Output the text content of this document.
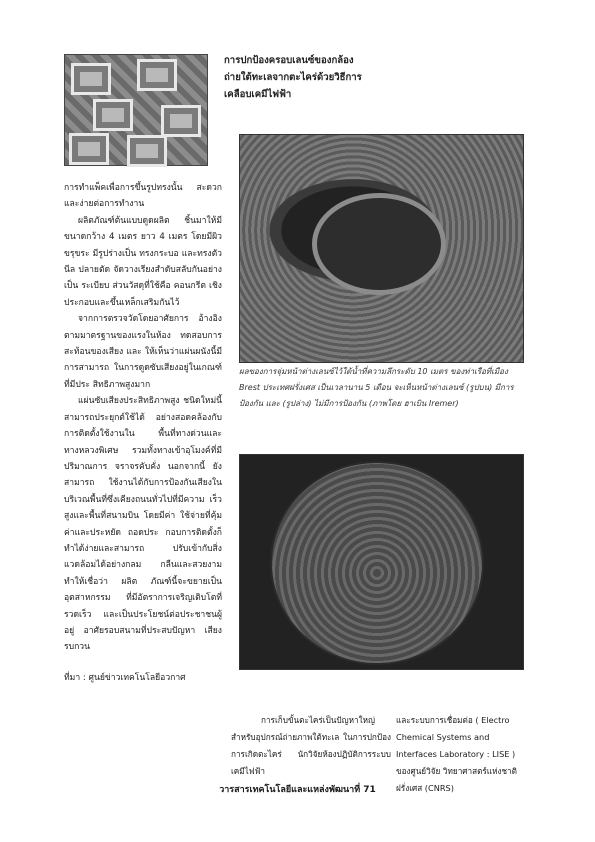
การปกป้องครอบเลนซ์ของกล้อง
ถ่ายใต้ทะเลจากตะไคร่ด้วยวิธีการ
เคลือบเคมีไฟฟ้า

การทำแพ็คเพื่อการขึ้นรูปทรงนั้น สะดวก และง่ายต่อการทำงาน

ผลิตภัณฑ์ต้นแบบดูดผลิต ชิ้นมาให้มีขนาดกว้าง 4 เมตร ยาว 4 เมตร โดยมีผิวขรุขระ มีรูปร่างเป็น ทรงกระบอ และทรงตัวนีล ปลายตัด จัดวางเรียงสำดับสลับกันอย่างเป็น ระเบียบ ส่วนวัสดุที่ใช้คือ คอนกรีต เชิงประกอบและขึ้นเหล็กเสริมกันไว้

จากการตรวจวัดโดยอาศัยการ อ้างอิงตามมาตรฐานของแรงในห้อง ทดสอบการสะท้อนของเสียง และ ให้เห็นว่าแผ่นผนังนี้มีการสามารถ ในการดูดซับเสียงอยู่ในเกณฑ์ที่มีประ สิทธิภาพสูงมาก

แผ่นซับเสียงประสิทธิภาพสูง ชนิดใหม่นี้ สามารถประยุกต์ใช้ได้ อย่างสอดคล้องกับการติดตั้งใช้งานใน พื้นที่ทางด่วนและทางหลวงพิเศษ รวมทั้งทางเข้าอุโมงค์ที่มีปริมาณการ จราจรคับคั่ง นอกจากนี้ ยังสามารถ ใช้งานได้กับการป้องกันเสียงใน บริเวณพื้นที่ซึ่งเคียงถนนทั่วไปที่มีความ เร็วสูงและพื้นที่สนามบิน โดยมีค่า ใช้จ่ายที่คุ้มค่าและประหยัด ถอดประ กอบการติดตั้งก็ทำได้ง่ายและสามารถ ปรับเข้ากับสิ่งแวดล้อมได้อย่างกลม กลืนและสวยงาม ทำให้เชื่อว่า ผลิต ภัณฑ์นี้จะขยายเป็นอุตสาหกรรม ที่มีอัตราการเจริญเติบโตที่รวดเร็ว และเป็นประโยชน์ต่อประชาชนผู้อยู่ อาศัยรอบสนามที่ประสบปัญหา เสียงรบกวน

ที่มา : ศูนย์ข่าวเทคโนโลยีอวกาศ

ผลของการจุ่มหน้าต่างเลนซ์ไว้ใต้น้ำที่ความลึกระดับ 10 เมตร ของท่าเรือที่เมือง Brest ประเทศฝรั่งเศส เป็นเวลานาน 5 เดือน จะเห็นหน้าต่างเลนซ์ (รูปบน) มีการป้องกัน และ (รูปล่าง) ไม่มีการป้องกัน (ภาพโดย ฮาเบิน Iremer)

การเก็บขั้นตะไคร่เป็นปัญหาใหญ่สำหรับอุปกรณ์ถ่ายภาพใต้ทะเล ในการปกป้องการเกิดตะไคร่ นักวิจัยห้องปฏิบัติการระบบเคมีไฟฟ้า

และระบบการเชื่อมต่อ ( Electro Chemical Systems and Interfaces Laboratory : LISE ) ของศูนย์วิจัย วิทยาศาสตร์แห่งชาติฝรั่งเศส (CNRS)

วารสารเทคโนโลยีและแหล่งพัฒนาที่ 71
